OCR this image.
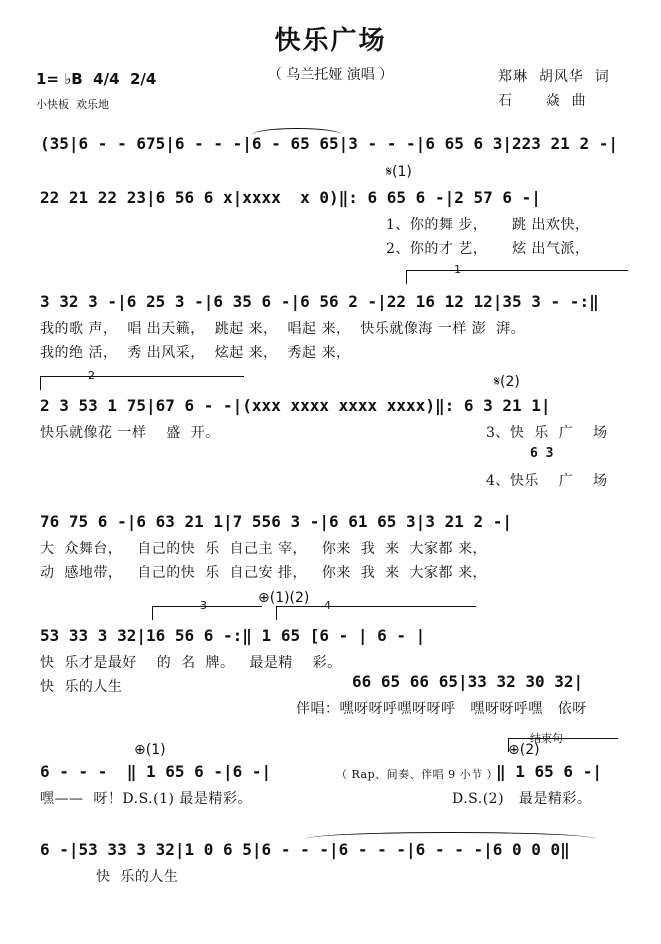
快乐广场
（ 乌兰托娅 演唱 ）	郑琳  胡风华  词
石      焱  曲
1= ♭B  4/4  2/4
小快板  欢乐地
(35|6 - - 675|6 - - -|6 - 65 65|3 - - -|6 65 6 3|223 21 2 -|
𝄋(1)
22 21 22 23|6 56 6 x|xxxx  x 0)‖: 6 65 6 -|2 57 6 -|
1、你的舞 步，     跳 出欢快，
2、你的才 艺，     炫 出气派，
1
3 32 3 -|6 25 3 -|6 35 6 -|6 56 2 -|22 16 12 12|35 3 - -:‖
我的歌 声，  唱 出天籁，  跳起 来，  唱起 来，  快乐就像海 一样 澎  湃。
我的绝 活，  秀 出风采，  炫起 来，  秀起 来，
2	𝄋(2)
2 3 53 1 75|67 6 - -|(xxx xxxx xxxx xxxx)‖: 6 3 21 1|
快乐就像花 一样    盛  开。	3、快  乐  广    场
6 3
4、快乐    广    场
76 75 6 -|6 63 21 1|7 556 3 -|6 61 65 3|3 21 2 -|
大  众舞台，   自己的快  乐  自己主 宰，   你来  我  来  大家都 来，
动  感地带，   自己的快  乐  自己安 排，   你来  我  来  大家都 来，
3	⊕(1)(2) 4
53 33 3 32|16 56 6 -:‖ 1 65 [6 - | 6 - |
66 65 66 65|33 32 30 32|
快  乐才是最好    的  名  牌。   最是精    彩。
快  乐的人生
伴唱：嘿呀呀呼嘿呀呀呼   嘿呀呀呼嘿   依呀
结束句
⊕(1)	⊕(2)
6 - - -  ‖ 1 65 6 -|6 -|	（ Rap、间奏、伴唱 9 小节 ）
‖ 1 65 6 -|
嘿——  呀！D.S.(1) 最是精彩。	D.S.(2)   最是精彩。
6 -|53 33 3 32|1 0 6 5|6 - - -|6 - - -|6 - - -|6 0 0 0‖
快  乐的人生
